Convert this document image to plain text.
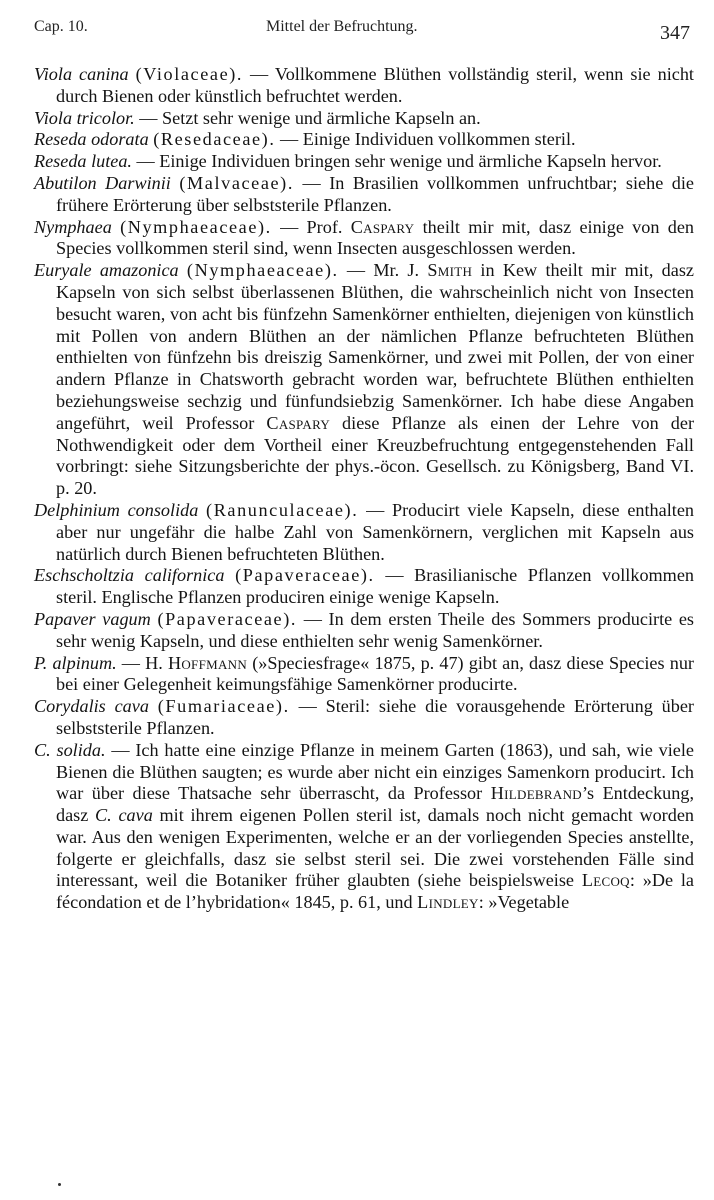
Cap. 10.	Mittel der Befruchtung.	347

Viola canina (Violaceae). — Vollkommene Blüthen vollständig steril, wenn sie nicht durch Bienen oder künstlich befruchtet werden.

Viola tricolor. — Setzt sehr wenige und ärmliche Kapseln an.

Reseda odorata (Resedaceae). — Einige Individuen vollkommen steril.

Reseda lutea. — Einige Individuen bringen sehr wenige und ärmliche Kapseln hervor.

Abutilon Darwinii (Malvaceae). — In Brasilien vollkommen unfruchtbar; siehe die frühere Erörterung über selbststerile Pflanzen.

Nymphaea (Nymphaeaceae). — Prof. Caspary theilt mir mit, dasz einige von den Species vollkommen steril sind, wenn Insecten ausgeschlossen werden.

Euryale amazonica (Nymphaeaceae). — Mr. J. Smith in Kew theilt mir mit, dasz Kapseln von sich selbst überlassenen Blüthen, die wahrscheinlich nicht von Insecten besucht waren, von acht bis fünfzehn Samenkörner enthielten, diejenigen von künstlich mit Pollen von andern Blüthen an der nämlichen Pflanze befruchteten Blüthen enthielten von fünfzehn bis dreiszig Samenkörner, und zwei mit Pollen, der von einer andern Pflanze in Chatsworth gebracht worden war, befruchtete Blüthen enthielten beziehungsweise sechzig und fünfundsiebzig Samenkörner. Ich habe diese Angaben angeführt, weil Professor Caspary diese Pflanze als einen der Lehre von der Nothwendigkeit oder dem Vortheil einer Kreuzbefruchtung entgegenstehenden Fall vorbringt: siehe Sitzungsberichte der phys.-öcon. Gesellsch. zu Königsberg, Band VI. p. 20.

Delphinium consolida (Ranunculaceae). — Producirt viele Kapseln, diese enthalten aber nur ungefähr die halbe Zahl von Samenkörnern, verglichen mit Kapseln aus natürlich durch Bienen befruchteten Blüthen.

Eschscholtzia californica (Papaveraceae). — Brasilianische Pflanzen vollkommen steril. Englische Pflanzen produciren einige wenige Kapseln.

Papaver vagum (Papaveraceae). — In dem ersten Theile des Sommers producirte es sehr wenig Kapseln, und diese enthielten sehr wenig Samenkörner.

P. alpinum. — H. Hoffmann (»Speciesfrage« 1875, p. 47) gibt an, dasz diese Species nur bei einer Gelegenheit keimungsfähige Samenkörner producirte.

Corydalis cava (Fumariaceae). — Steril: siehe die vorausgehende Erörterung über selbststerile Pflanzen.

C. solida. — Ich hatte eine einzige Pflanze in meinem Garten (1863), und sah, wie viele Bienen die Blüthen saugten; es wurde aber nicht ein einziges Samenkorn producirt. Ich war über diese Thatsache sehr überrascht, da Professor Hildebrand’s Entdeckung, dasz C. cava mit ihrem eigenen Pollen steril ist, damals noch nicht gemacht worden war. Aus den wenigen Experimenten, welche er an der vorliegenden Species anstellte, folgerte er gleichfalls, dasz sie selbst steril sei. Die zwei vorstehenden Fälle sind interessant, weil die Botaniker früher glaubten (siehe beispielsweise Lecoq: »De la fécondation et de l’hybridation« 1845, p. 61, und Lindley: »Vegetable
